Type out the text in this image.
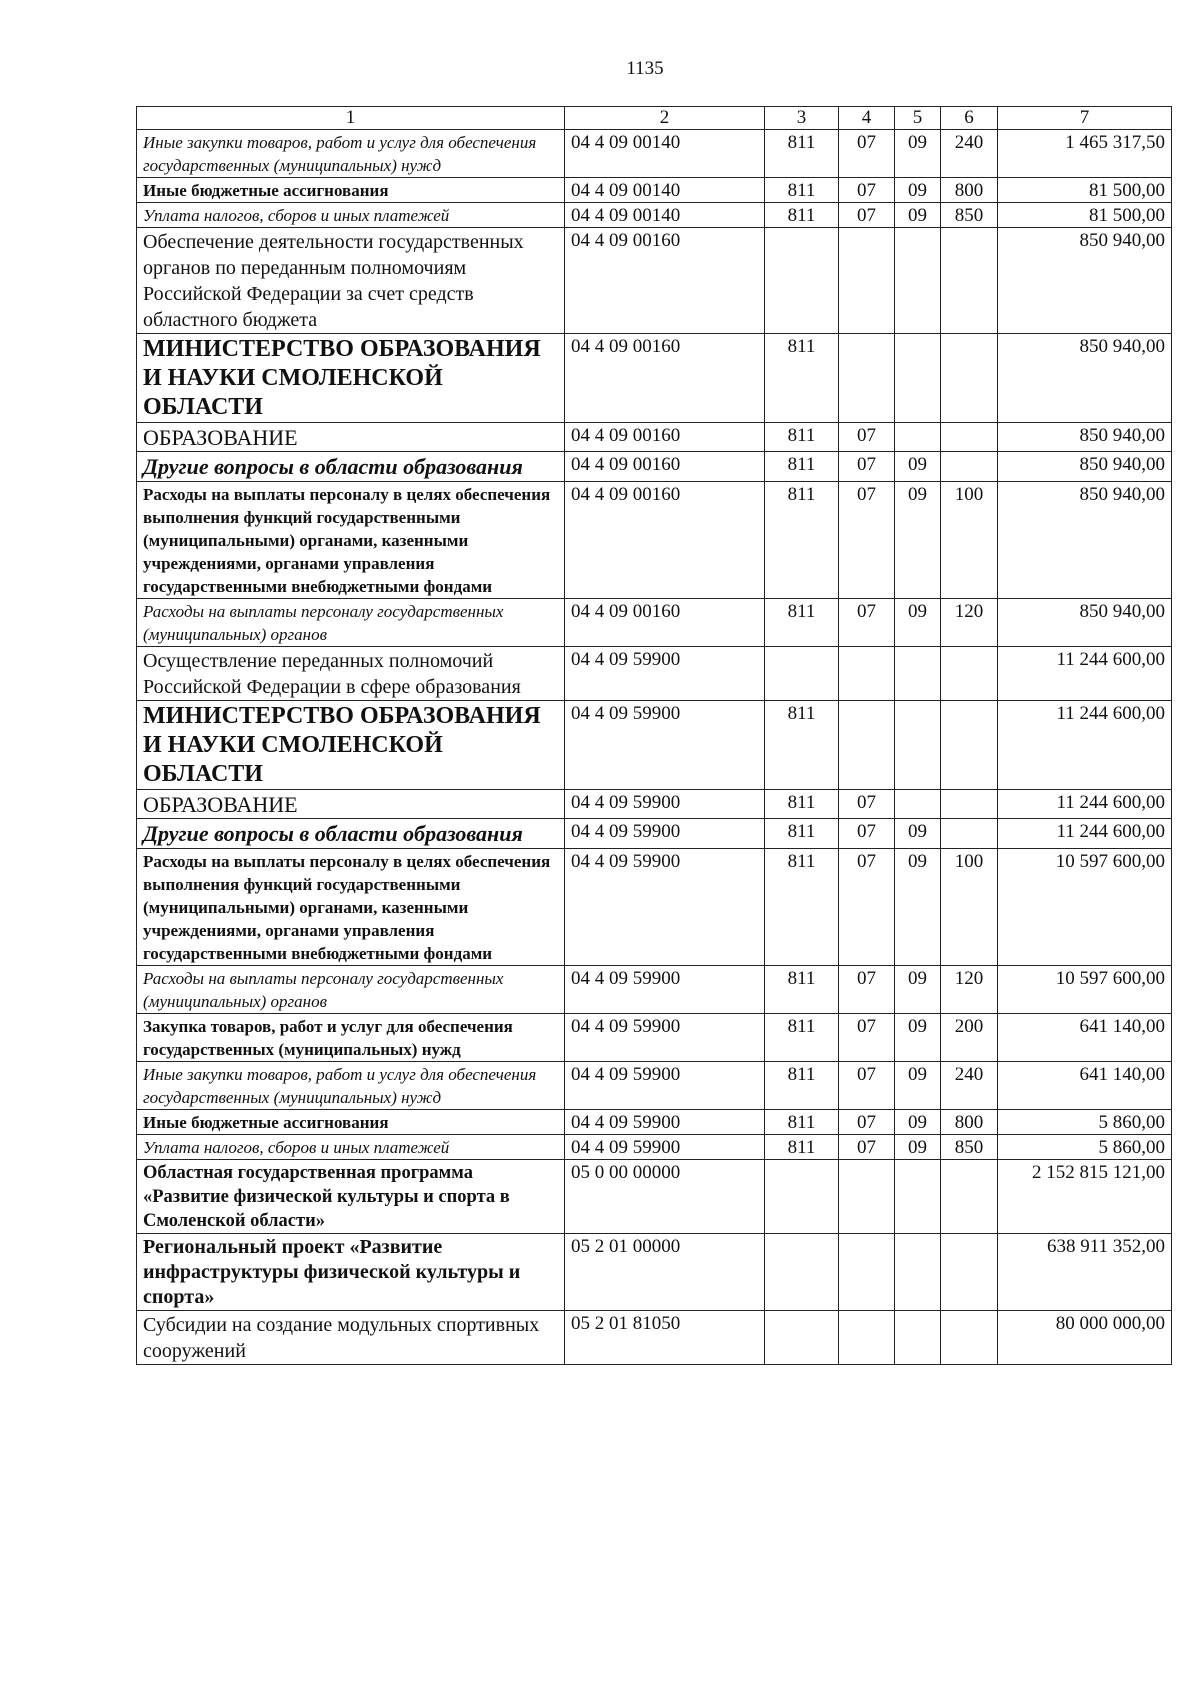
1135
1	2	3	4	5	6	7
Иные закупки товаров, работ и услуг для обеспечения государственных (муниципальных) нужд	04 4 09 00140	811	07	09	240	1 465 317,50
Иные бюджетные ассигнования	04 4 09 00140	811	07	09	800	81 500,00
Уплата налогов, сборов и иных платежей	04 4 09 00140	811	07	09	850	81 500,00
Обеспечение деятельности государственных органов по переданным полномочиям Российской Федерации за счет средств областного бюджета	04 4 09 00160					850 940,00
МИНИСТЕРСТВО ОБРАЗОВАНИЯ И НАУКИ СМОЛЕНСКОЙ ОБЛАСТИ	04 4 09 00160	811				850 940,00
ОБРАЗОВАНИЕ	04 4 09 00160	811	07			850 940,00
Другие вопросы в области образования	04 4 09 00160	811	07	09		850 940,00
Расходы на выплаты персоналу в целях обеспечения выполнения функций государственными (муниципальными) органами, казенными учреждениями, органами управления государственными внебюджетными фондами	04 4 09 00160	811	07	09	100	850 940,00
Расходы на выплаты персоналу государственных (муниципальных) органов	04 4 09 00160	811	07	09	120	850 940,00
Осуществление переданных полномочий Российской Федерации в сфере образования	04 4 09 59900					11 244 600,00
МИНИСТЕРСТВО ОБРАЗОВАНИЯ И НАУКИ СМОЛЕНСКОЙ ОБЛАСТИ	04 4 09 59900	811				11 244 600,00
ОБРАЗОВАНИЕ	04 4 09 59900	811	07			11 244 600,00
Другие вопросы в области образования	04 4 09 59900	811	07	09		11 244 600,00
Расходы на выплаты персоналу в целях обеспечения выполнения функций государственными (муниципальными) органами, казенными учреждениями, органами управления государственными внебюджетными фондами	04 4 09 59900	811	07	09	100	10 597 600,00
Расходы на выплаты персоналу государственных (муниципальных) органов	04 4 09 59900	811	07	09	120	10 597 600,00
Закупка товаров, работ и услуг для обеспечения государственных (муниципальных) нужд	04 4 09 59900	811	07	09	200	641 140,00
Иные закупки товаров, работ и услуг для обеспечения государственных (муниципальных) нужд	04 4 09 59900	811	07	09	240	641 140,00
Иные бюджетные ассигнования	04 4 09 59900	811	07	09	800	5 860,00
Уплата налогов, сборов и иных платежей	04 4 09 59900	811	07	09	850	5 860,00
Областная государственная программа «Развитие физической культуры и спорта в Смоленской области»	05 0 00 00000					2 152 815 121,00
Региональный проект «Развитие инфраструктуры физической культуры и спорта»	05 2 01 00000					638 911 352,00
Субсидии на создание модульных спортивных сооружений	05 2 01 81050					80 000 000,00
